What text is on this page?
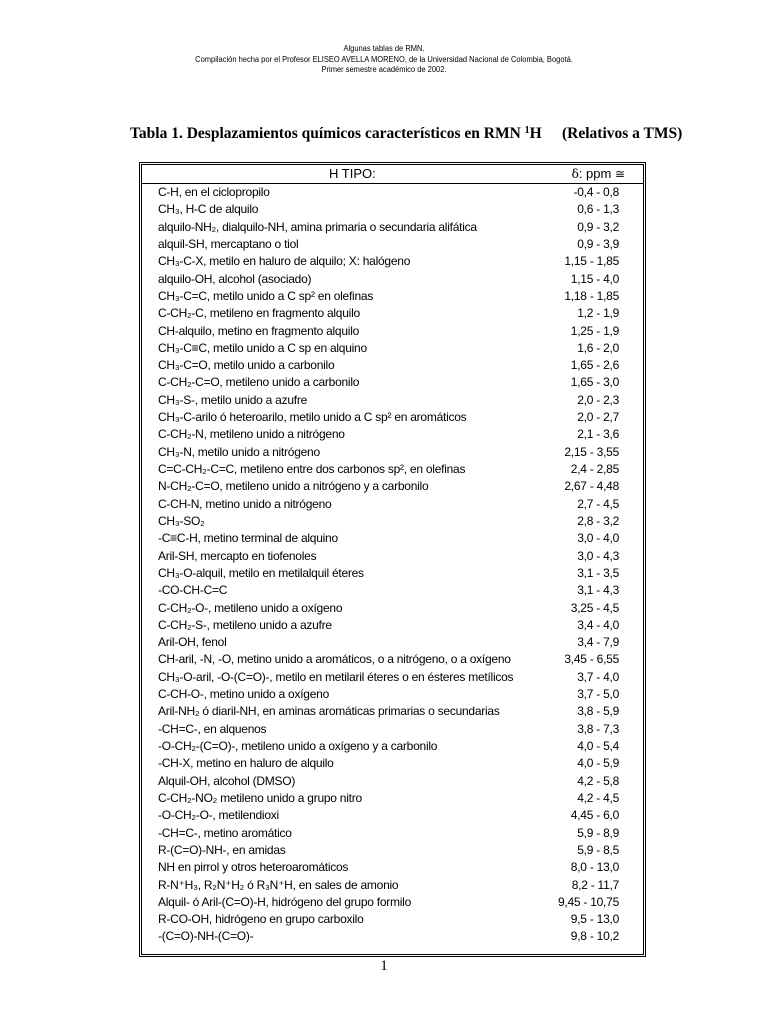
Algunas tablas de RMN.
Compilación hecha por el Profesor ELISEO AVELLA MORENO, de la Universidad Nacional de Colombia, Bogotá.
Primer semestre académico de 2002.
Tabla 1. Desplazamientos químicos característicos en RMN $^1$H (Relativos a TMS)
H TIPO:	δ: ppm ≅
C-H, en el ciclopropilo	-0,4 - 0,8
CH₃, H-C de alquilo	0,6 - 1,3
alquilo-NH₂, dialquilo-NH, amina primaria o secundaria alifática	0,9 - 3,2
alquil-SH, mercaptano o tiol	0,9 - 3,9
CH₃-C-X, metilo en haluro de alquilo; X: halógeno	1,15 - 1,85
alquilo-OH, alcohol (asociado)	1,15 - 4,0
CH₃-C=C, metilo unido a C sp² en olefinas	1,18 - 1,85
C-CH₂-C, metileno en fragmento alquilo	1,2 - 1,9
CH-alquilo, metino en fragmento alquilo	1,25 - 1,9
CH₃-C≡C, metilo unido a C sp en alquino	1,6 - 2,0
CH₃-C=O, metilo unido a carbonilo	1,65 - 2,6
C-CH₂-C=O, metileno unido a carbonilo	1,65 - 3,0
CH₃-S-, metilo unido a azufre	2,0 - 2,3
CH₃-C-arilo ó heteroarilo, metilo unido a C sp² en aromáticos	2,0 - 2,7
C-CH₂-N, metileno unido a nitrógeno	2,1 - 3,6
CH₃-N, metilo unido a nitrógeno	2,15 - 3,55
C=C-CH₂-C=C, metileno entre dos carbonos sp², en olefinas	2,4 - 2,85
N-CH₂-C=O, metileno unido a nitrógeno y a carbonilo	2,67 - 4,48
C-CH-N, metino unido a nitrógeno	2,7 - 4,5
CH₃-SO₂	2,8 - 3,2
-C≡C-H, metino terminal de alquino	3,0 - 4,0
Aril-SH, mercapto en tiofenoles	3,0 - 4,3
CH₃-O-alquil, metilo en metilalquil éteres	3,1 - 3,5
-CO-CH-C=C	3,1 - 4,3
C-CH₂-O-, metileno unido a oxígeno	3,25 - 4,5
C-CH₂-S-, metileno unido a azufre	3,4 - 4,0
Aril-OH, fenol	3,4 - 7,9
CH-aril, -N, -O, metino unido a aromáticos, o a nitrógeno, o a oxígeno	3,45 - 6,55
CH₃-O-aril, -O-(C=O)-, metilo en metilaril éteres o en ésteres metílicos	3,7 - 4,0
C-CH-O-, metino unido a oxígeno	3,7 - 5,0
Aril-NH₂ ó diaril-NH, en aminas aromáticas primarias o secundarias	3,8 - 5,9
-CH=C-, en alquenos	3,8 - 7,3
-O-CH₂-(C=O)-, metileno unido a oxígeno y a carbonilo	4,0 - 5,4
-CH-X, metino en haluro de alquilo	4,0 - 5,9
Alquil-OH, alcohol (DMSO)	4,2 - 5,8
C-CH₂-NO₂ metileno unido a grupo nitro	4,2 - 4,5
-O-CH₂-O-, metilendioxi	4,45 - 6,0
-CH=C-, metino aromático	5,9 - 8,9
R-(C=O)-NH-, en amidas	5,9 - 8,5
NH en pirrol y otros heteroaromáticos	8,0 - 13,0
R-N⁺H₃, R₂N⁺H₂ ó R₃N⁺H, en sales de amonio	8,2 - 11,7
Alquil- ó Aril-(C=O)-H, hidrógeno del grupo formilo	9,45 - 10,75
R-CO-OH, hidrógeno en grupo carboxilo	9,5 - 13,0
-(C=O)-NH-(C=O)-	9,8 - 10,2
1
